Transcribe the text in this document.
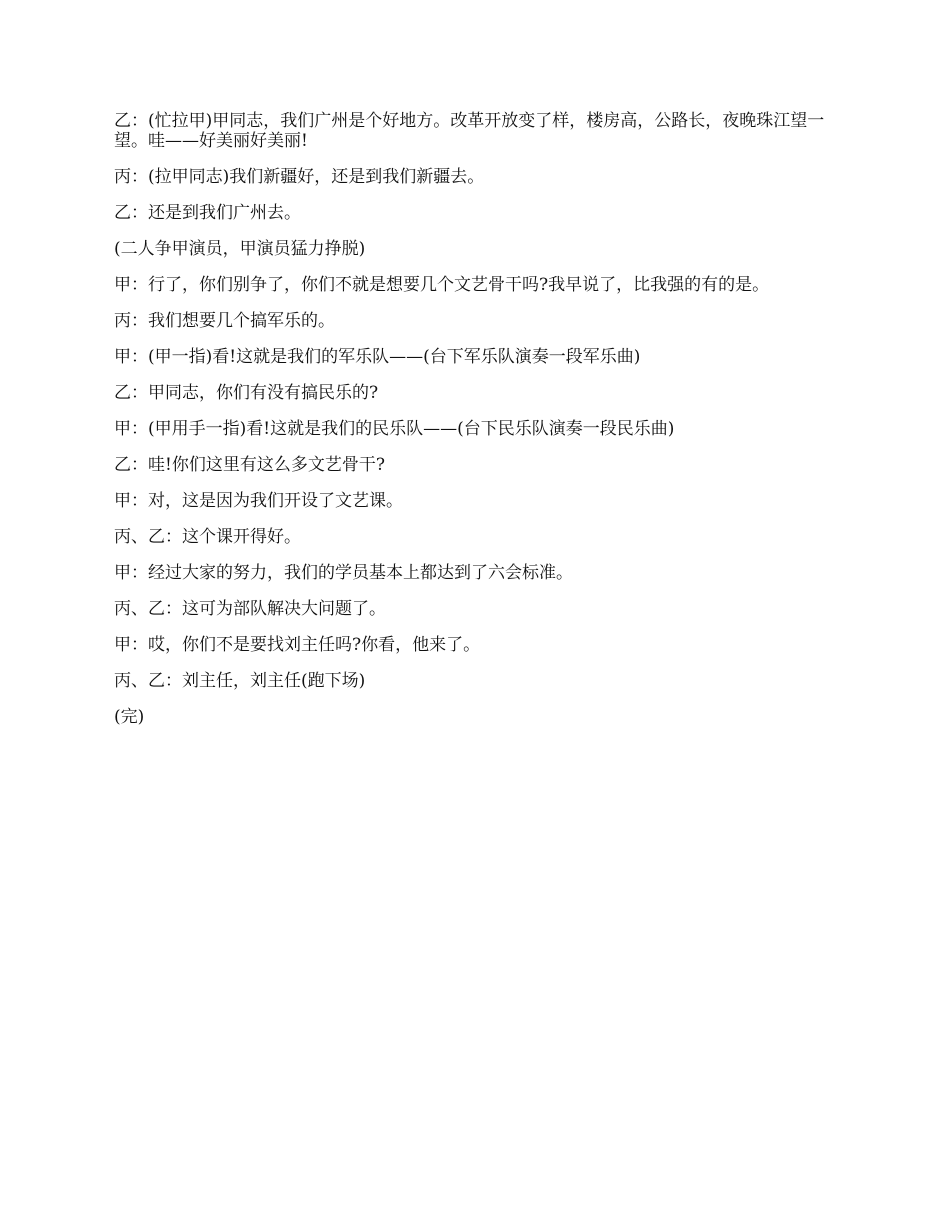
乙：(忙拉甲)甲同志，我们广州是个好地方。改革开放变了样，楼房高，公路长，夜晚珠江望一望。哇——好美丽好美丽!

丙：(拉甲同志)我们新疆好，还是到我们新疆去。

乙：还是到我们广州去。

(二人争甲演员，甲演员猛力挣脱)

甲：行了，你们别争了，你们不就是想要几个文艺骨干吗?我早说了，比我强的有的是。

丙：我们想要几个搞军乐的。

甲：(甲一指)看!这就是我们的军乐队——(台下军乐队演奏一段军乐曲)

乙：甲同志，你们有没有搞民乐的?

甲：(甲用手一指)看!这就是我们的民乐队——(台下民乐队演奏一段民乐曲)

乙：哇!你们这里有这么多文艺骨干?

甲：对，这是因为我们开设了文艺课。

丙、乙：这个课开得好。

甲：经过大家的努力，我们的学员基本上都达到了六会标准。

丙、乙：这可为部队解决大问题了。

甲：哎，你们不是要找刘主任吗?你看，他来了。

丙、乙：刘主任，刘主任(跑下场)

(完)
